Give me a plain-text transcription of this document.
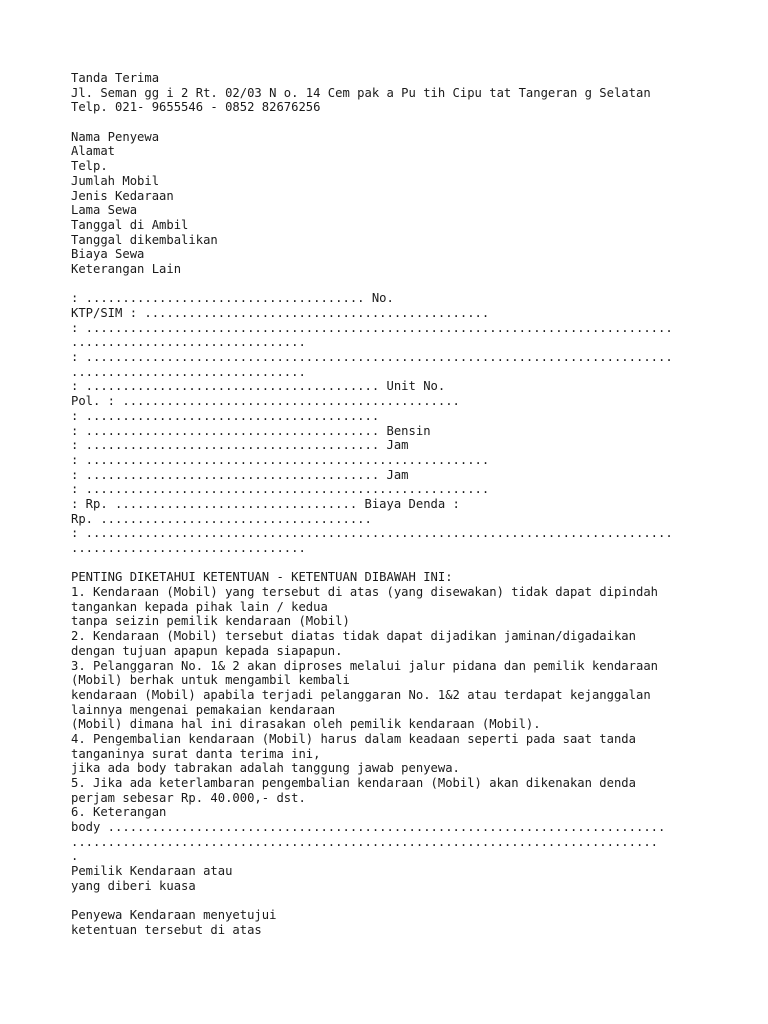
Tanda Terima
Jl. Seman gg i 2 Rt. 02/03 N o. 14 Cem pak a Pu tih Cipu tat Tangeran g Selatan
Telp. 021- 9655546 - 0852 82676256
Nama Penyewa
Alamat
Telp.
Jumlah Mobil
Jenis Kedaraan
Lama Sewa
Tanggal di Ambil
Tanggal dikembalikan
Biaya Sewa
Keterangan Lain
: ...................................... No.
KTP/SIM : ...............................................
: ................................................................................
................................
: ................................................................................
................................
: ........................................ Unit No.
Pol. : ..............................................
: ........................................
: ........................................ Bensin
: ........................................ Jam
: .......................................................
: ........................................ Jam
: .......................................................
: Rp. ................................. Biaya Denda :
Rp. .....................................
: ................................................................................
................................
PENTING DIKETAHUI KETENTUAN - KETENTUAN DIBAWAH INI:
1. Kendaraan (Mobil) yang tersebut di atas (yang disewakan) tidak dapat dipindah
tangankan kepada pihak lain / kedua
tanpa seizin pemilik kendaraan (Mobil)
2. Kendaraan (Mobil) tersebut diatas tidak dapat dijadikan jaminan/digadaikan
dengan tujuan apapun kepada siapapun.
3. Pelanggaran No. 1& 2 akan diproses melalui jalur pidana dan pemilik kendaraan
(Mobil) berhak untuk mengambil kembali
kendaraan (Mobil) apabila terjadi pelanggaran No. 1&2 atau terdapat kejanggalan
lainnya mengenai pemakaian kendaraan
(Mobil) dimana hal ini dirasakan oleh pemilik kendaraan (Mobil).
4. Pengembalian kendaraan (Mobil) harus dalam keadaan seperti pada saat tanda
tanganinya surat danta terima ini,
jika ada body tabrakan adalah tanggung jawab penyewa.
5. Jika ada keterlambaran pengembalian kendaraan (Mobil) akan dikenakan denda
perjam sebesar Rp. 40.000,- dst.
6. Keterangan
body ............................................................................
................................................................................
.
Pemilik Kendaraan atau
yang diberi kuasa
Penyewa Kendaraan menyetujui
ketentuan tersebut di atas
